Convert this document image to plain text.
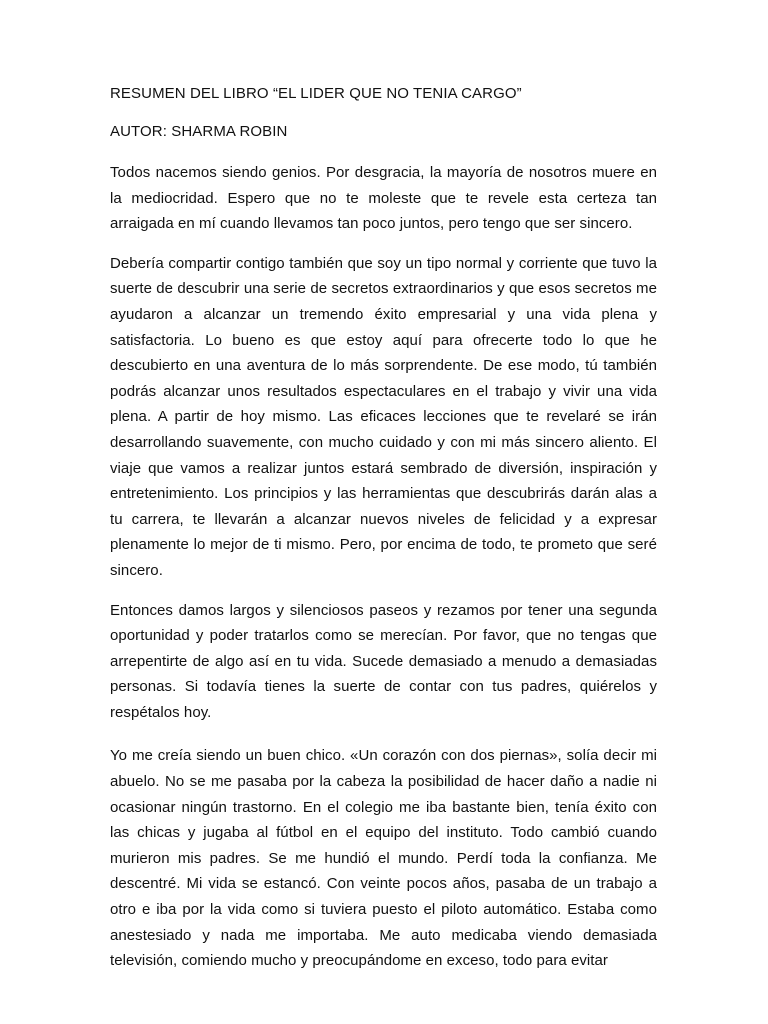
RESUMEN DEL LIBRO “EL LIDER QUE NO TENIA CARGO”

AUTOR: SHARMA ROBIN

Todos nacemos siendo genios. Por desgracia, la mayoría de nosotros muere en la mediocridad. Espero que no te moleste que te revele esta certeza tan arraigada en mí cuando llevamos tan poco juntos, pero tengo que ser sincero.

Debería compartir contigo también que soy un tipo normal y corriente que tuvo la suerte de descubrir una serie de secretos extraordinarios y que esos secretos me ayudaron a alcanzar un tremendo éxito empresarial y una vida plena y satisfactoria. Lo bueno es que estoy aquí para ofrecerte todo lo que he descubierto en una aventura de lo más sorprendente. De ese modo, tú también podrás alcanzar unos resultados espectaculares en el trabajo y vivir una vida plena. A partir de hoy mismo. Las eficaces lecciones que te revelaré se irán desarrollando suavemente, con mucho cuidado y con mi más sincero aliento. El viaje que vamos a realizar juntos estará sembrado de diversión, inspiración y entretenimiento. Los principios y las herramientas que descubrirás darán alas a tu carrera, te llevarán a alcanzar nuevos niveles de felicidad y a expresar plenamente lo mejor de ti mismo. Pero, por encima de todo, te prometo que seré sincero.

Entonces damos largos y silenciosos paseos y rezamos por tener una segunda oportunidad y poder tratarlos como se merecían. Por favor, que no tengas que arrepentirte de algo así en tu vida. Sucede demasiado a menudo a demasiadas personas. Si todavía tienes la suerte de contar con tus padres, quiérelos y respétalos hoy.

Yo me creía siendo un buen chico. «Un corazón con dos piernas», solía decir mi abuelo. No se me pasaba por la cabeza la posibilidad de hacer daño a nadie ni ocasionar ningún trastorno. En el colegio me iba bastante bien, tenía éxito con las chicas y jugaba al fútbol en el equipo del instituto. Todo cambió cuando murieron mis padres. Se me hundió el mundo. Perdí toda la confianza. Me descentré. Mi vida se estancó. Con veinte pocos años, pasaba de un trabajo a otro e iba por la vida como si tuviera puesto el piloto automático. Estaba como anestesiado y nada me importaba. Me auto medicaba viendo demasiada televisión, comiendo mucho y preocupándome en exceso, todo para evitar
